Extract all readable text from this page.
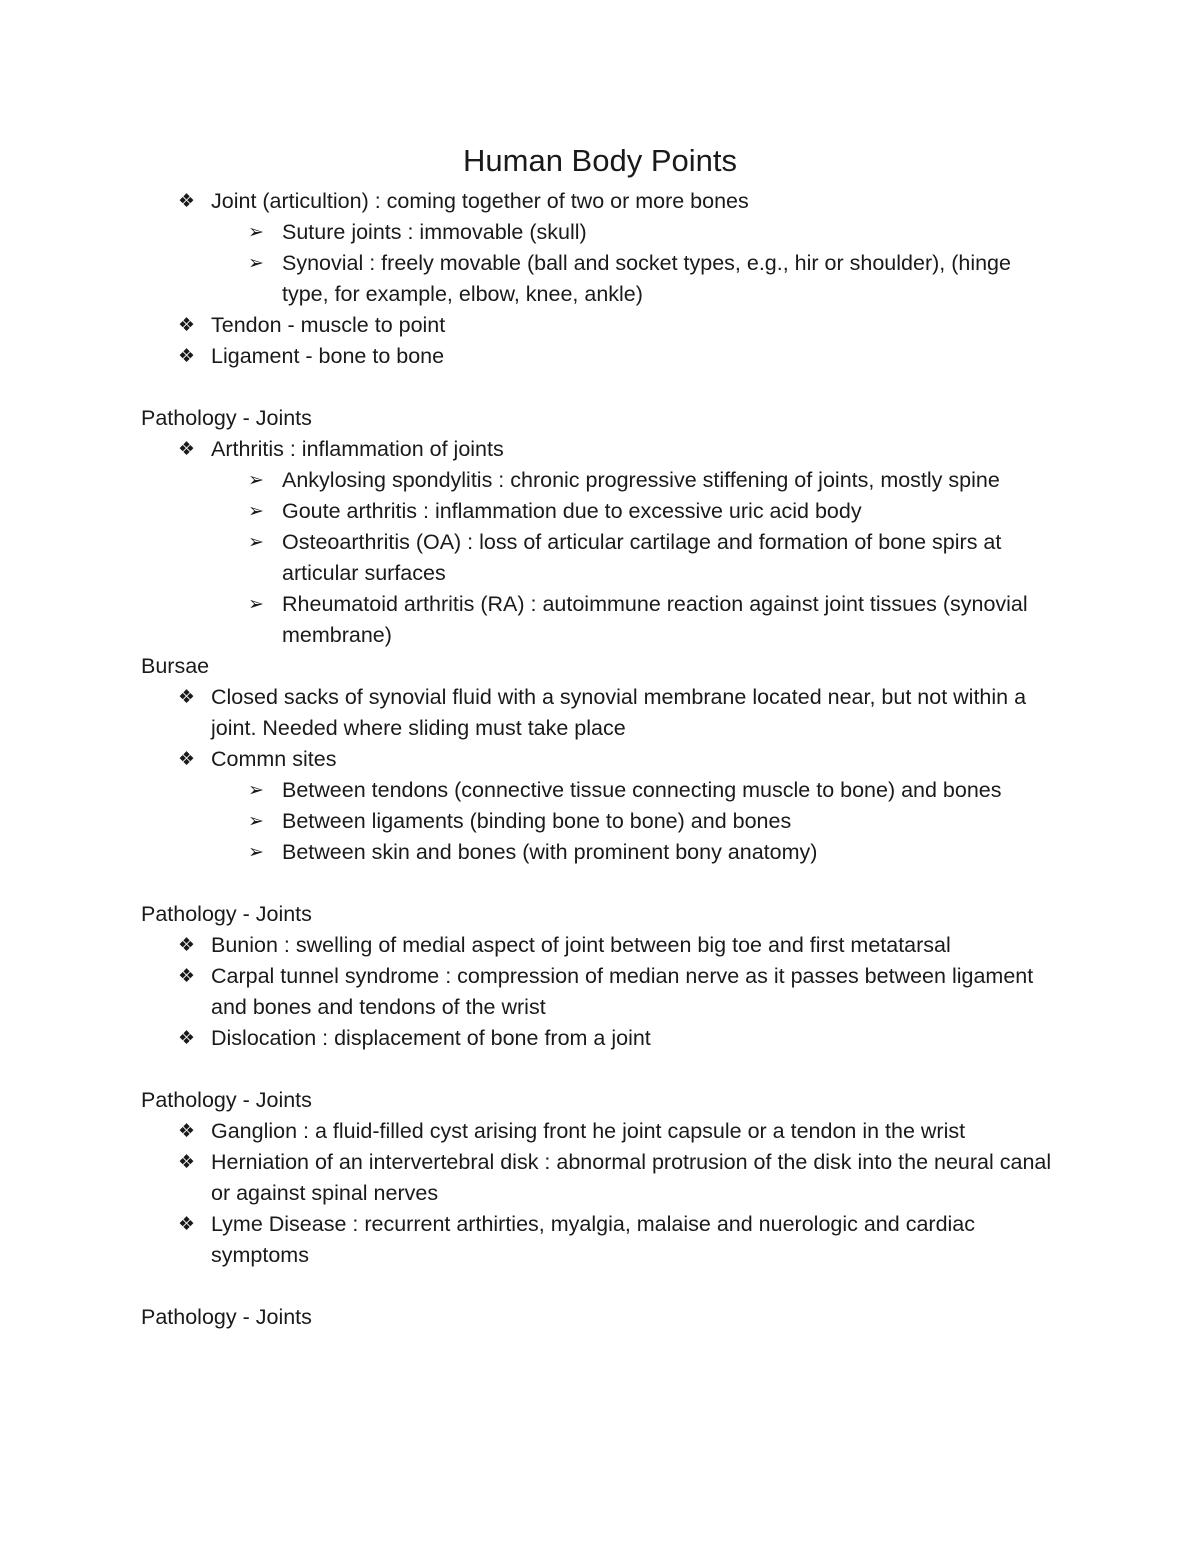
Human Body Points
❖ Joint (articultion) : coming together of two or more bones
➢ Suture joints : immovable (skull)
➢ Synovial : freely movable (ball and socket types, e.g., hir or shoulder), (hinge type, for example, elbow, knee, ankle)
❖ Tendon - muscle to point
❖ Ligament - bone to bone
Pathology - Joints
❖ Arthritis : inflammation of joints
➢ Ankylosing spondylitis : chronic progressive stiffening of joints, mostly spine
➢ Goute arthritis : inflammation due to excessive uric acid body
➢ Osteoarthritis (OA) : loss of articular cartilage and formation of bone spirs at articular surfaces
➢ Rheumatoid arthritis (RA) : autoimmune reaction against joint tissues (synovial membrane)
Bursae
❖ Closed sacks of synovial fluid with a synovial membrane located near, but not within a joint. Needed where sliding must take place
❖ Commn sites
➢ Between tendons (connective tissue connecting muscle to bone) and bones
➢ Between ligaments (binding bone to bone) and bones
➢ Between skin and bones (with prominent bony anatomy)
Pathology - Joints
❖ Bunion : swelling of medial aspect of joint between big toe and first metatarsal
❖ Carpal tunnel syndrome : compression of median nerve as it passes between ligament and bones and tendons of the wrist
❖ Dislocation : displacement of bone from a joint
Pathology - Joints
❖ Ganglion : a fluid-filled cyst arising front he joint capsule or a tendon in the wrist
❖ Herniation of an intervertebral disk : abnormal protrusion of the disk into the neural canal or against spinal nerves
❖ Lyme Disease : recurrent arthirties, myalgia, malaise and nuerologic and cardiac symptoms
Pathology - Joints
